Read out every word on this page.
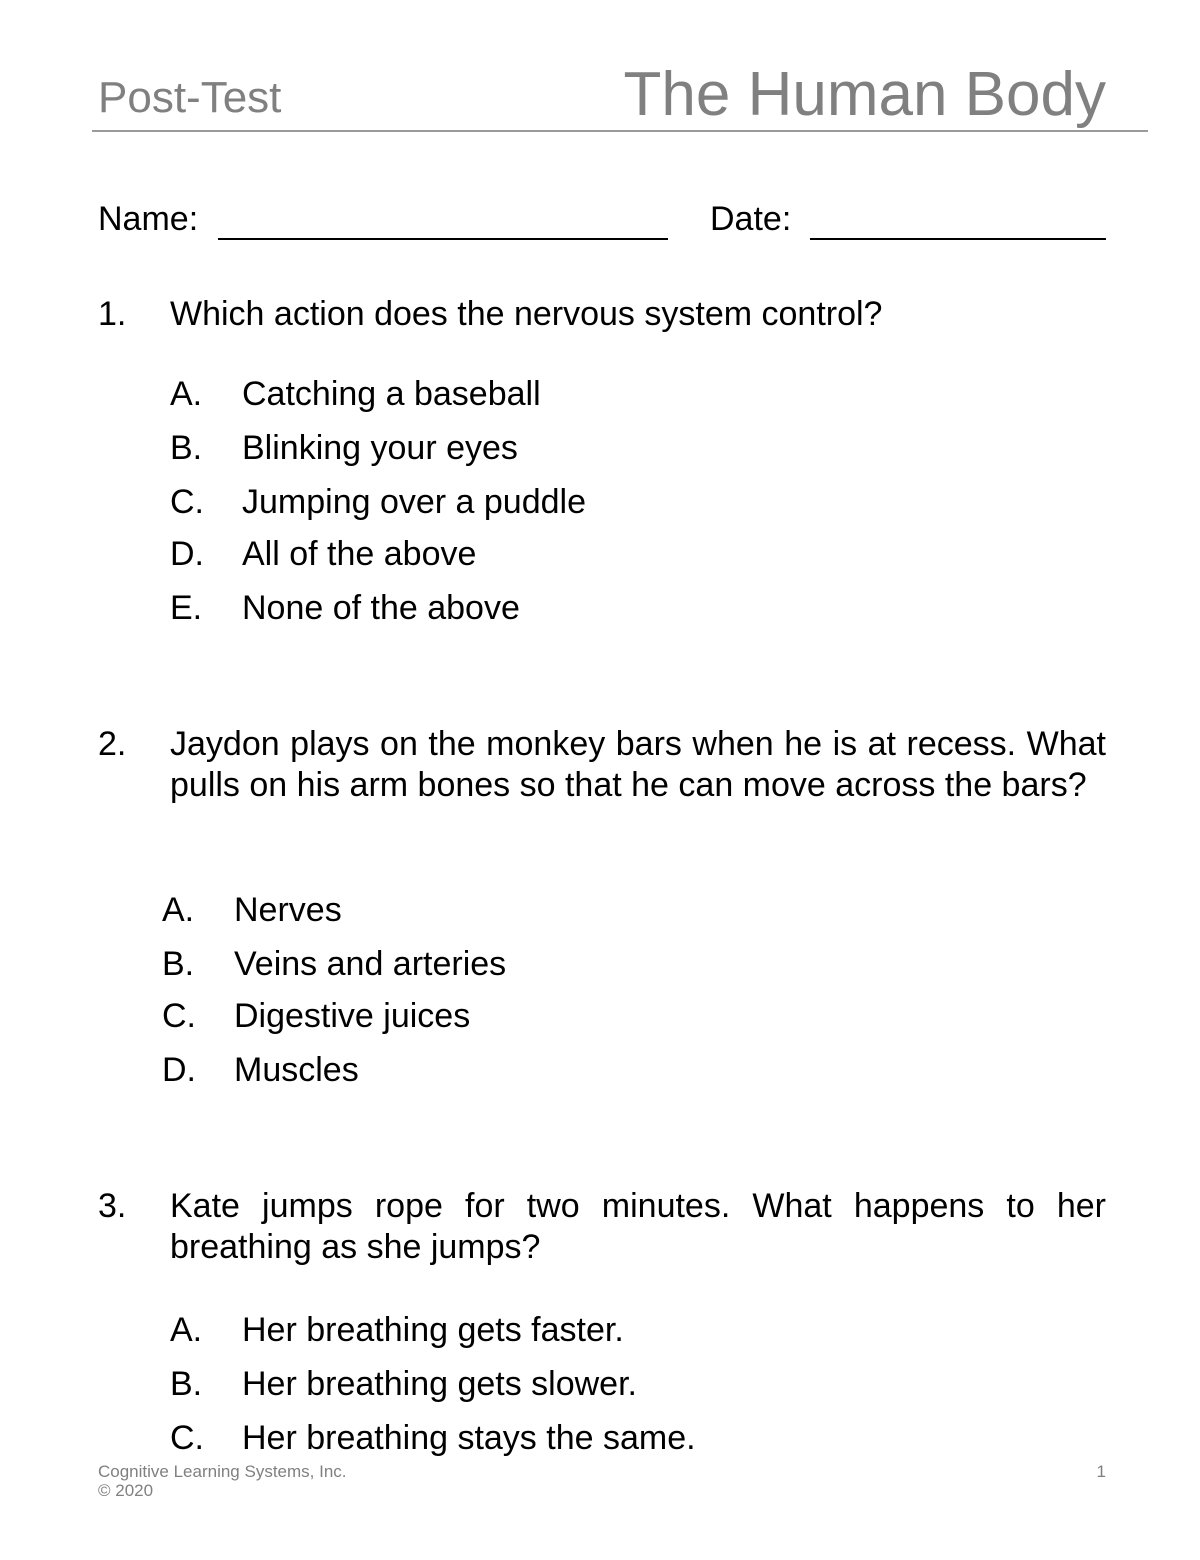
Post-Test	The Human Body
Name:	Date:
1. Which action does the nervous system control?
A. Catching a baseball
B. Blinking your eyes
C. Jumping over a puddle
D. All of the above
E. None of the above
2. Jaydon plays on the monkey bars when he is at recess. What pulls on his arm bones so that he can move across the bars?
A. Nerves
B. Veins and arteries
C. Digestive juices
D. Muscles
3. Kate jumps rope for two minutes. What happens to her breathing as she jumps?
A. Her breathing gets faster.
B. Her breathing gets slower.
C. Her breathing stays the same.
Cognitive Learning Systems, Inc.
© 2020
1
